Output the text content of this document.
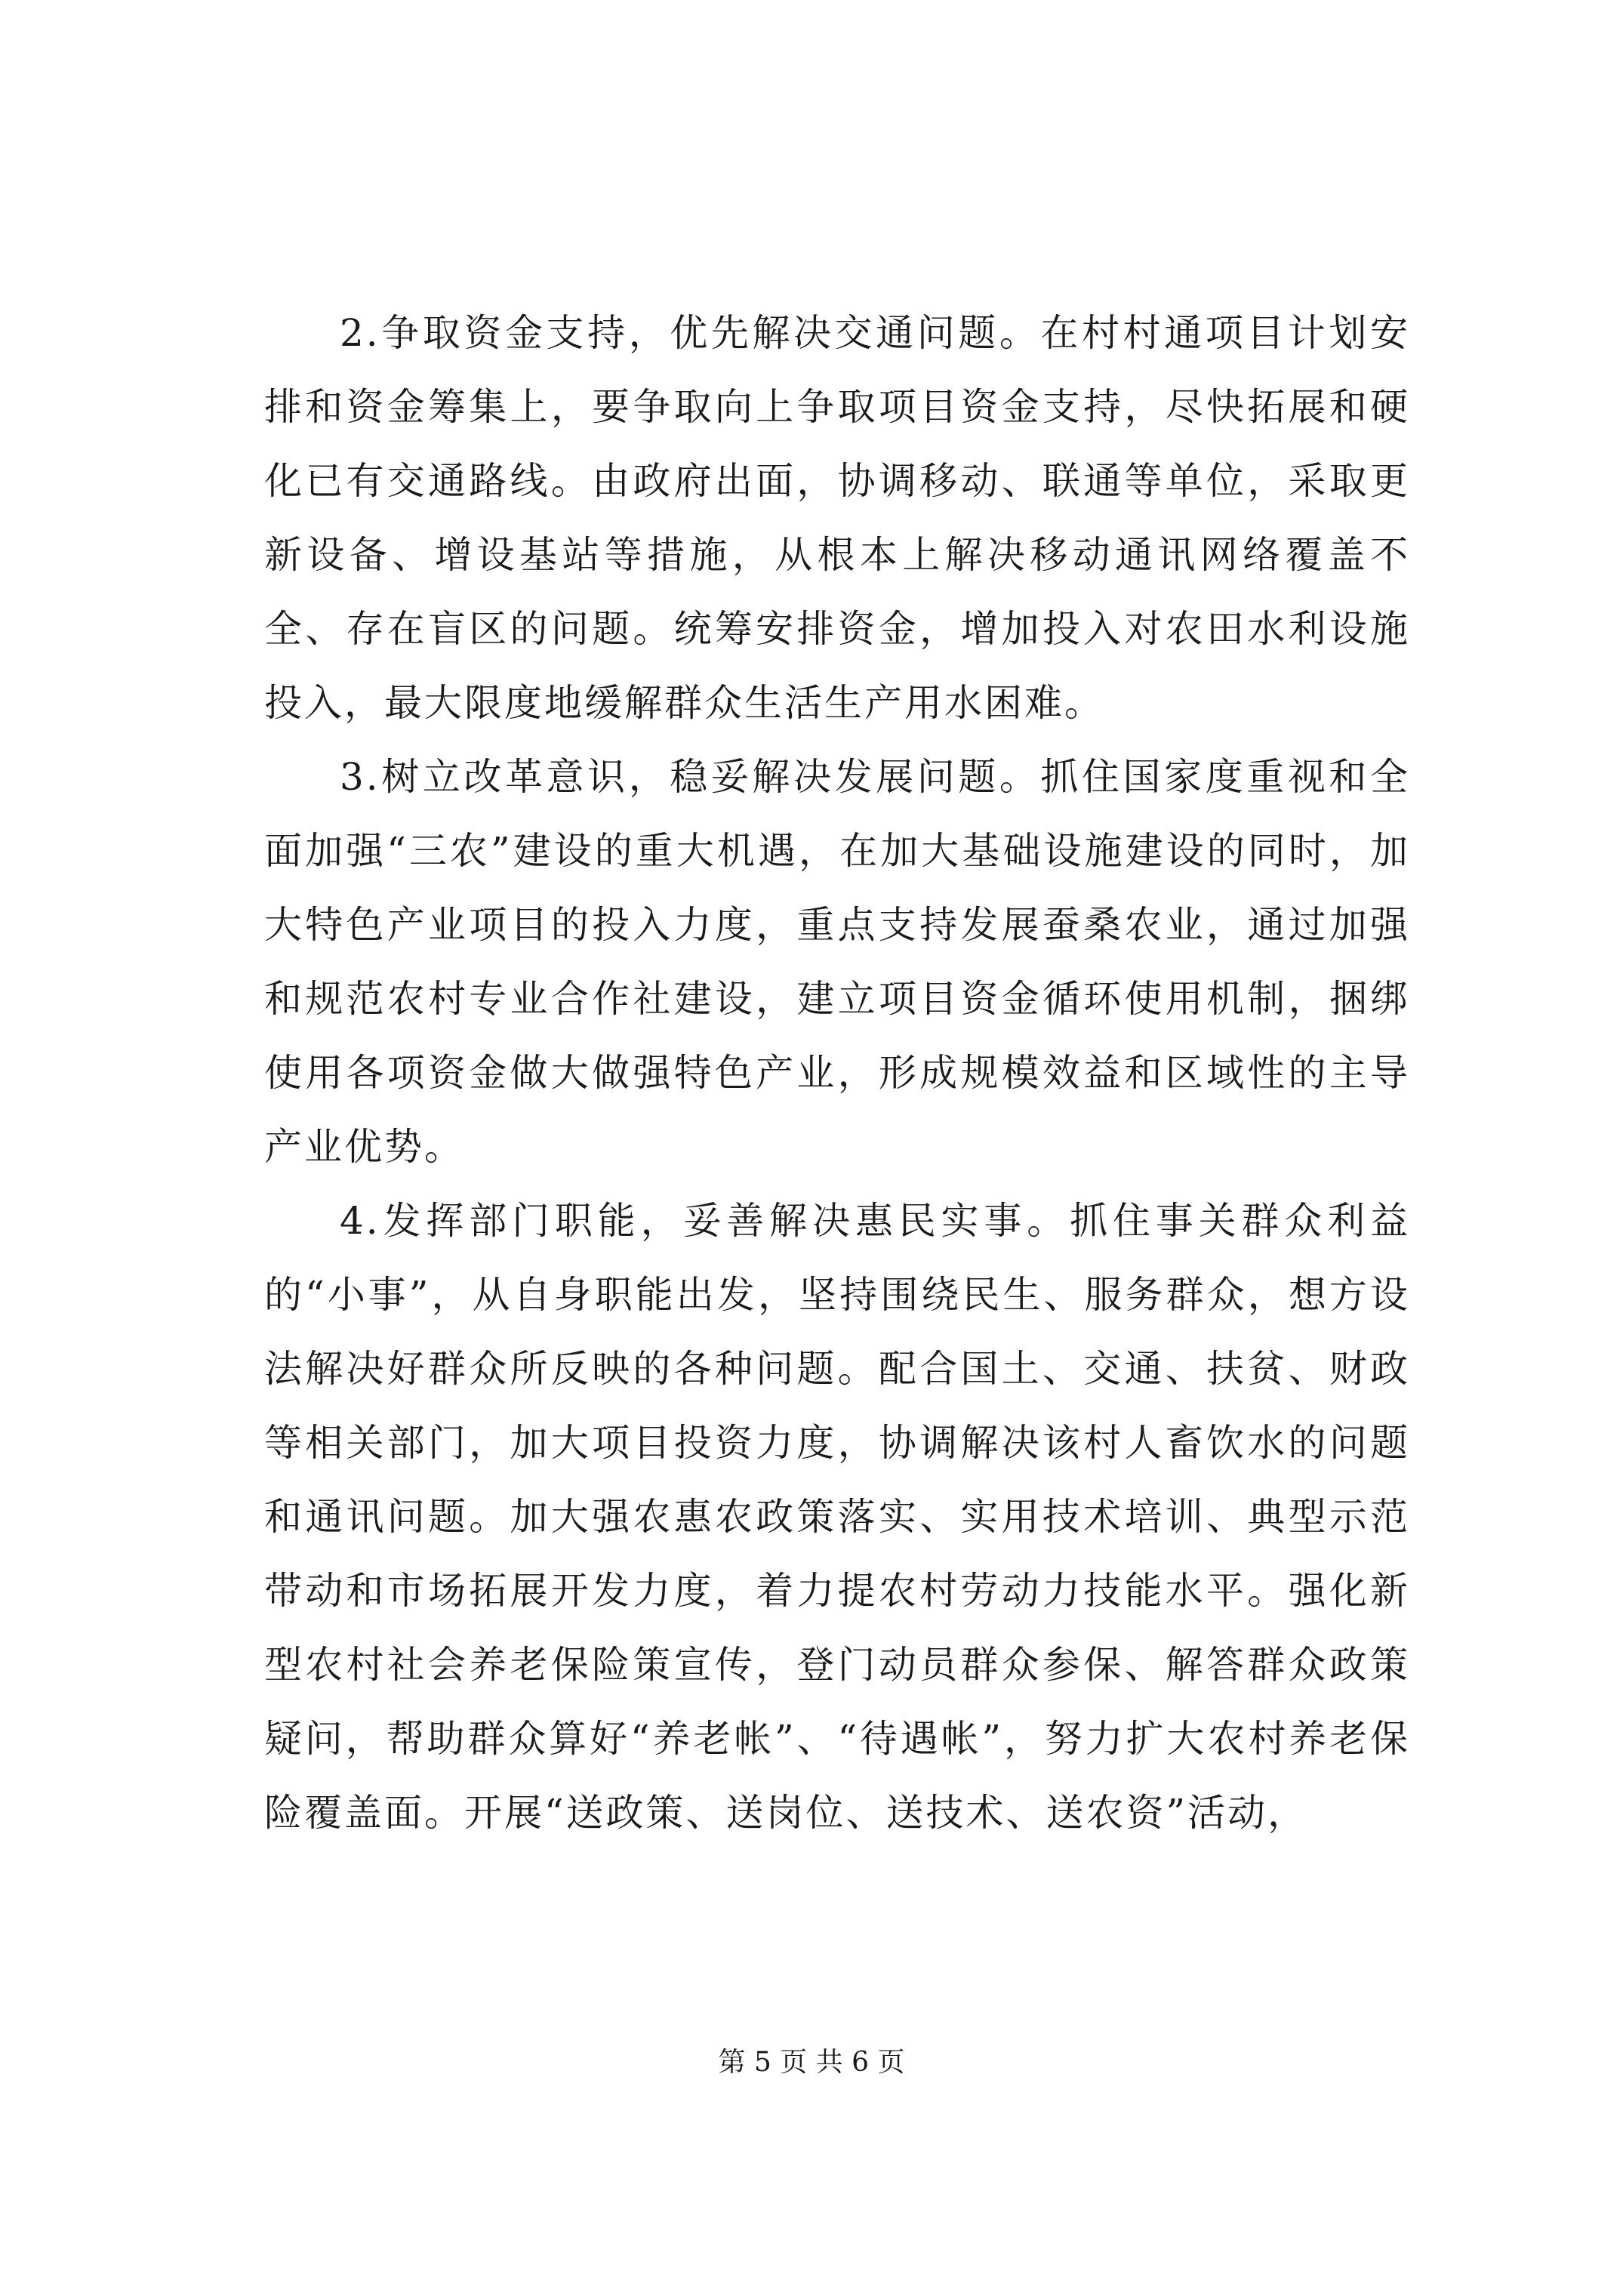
2.争取资金支持，优先解决交通问题。在村村通项目计划安排和资金筹集上，要争取向上争取项目资金支持，尽快拓展和硬化已有交通路线。由政府出面，协调移动、联通等单位，采取更新设备、增设基站等措施，从根本上解决移动通讯网络覆盖不全、存在盲区的问题。统筹安排资金，增加投入对农田水利设施投入，最大限度地缓解群众生活生产用水困难。

3.树立改革意识，稳妥解决发展问题。抓住国家度重视和全面加强“三农”建设的重大机遇，在加大基础设施建设的同时，加大特色产业项目的投入力度，重点支持发展蚕桑农业，通过加强和规范农村专业合作社建设，建立项目资金循环使用机制，捆绑使用各项资金做大做强特色产业，形成规模效益和区域性的主导产业优势。

4.发挥部门职能，妥善解决惠民实事。抓住事关群众利益的“小事”，从自身职能出发，坚持围绕民生、服务群众，想方设法解决好群众所反映的各种问题。配合国土、交通、扶贫、财政等相关部门，加大项目投资力度，协调解决该村人畜饮水的问题和通讯问题。加大强农惠农政策落实、实用技术培训、典型示范带动和市场拓展开发力度，着力提农村劳动力技能水平。强化新型农村社会养老保险策宣传，登门动员群众参保、解答群众政策疑问，帮助群众算好“养老帐”、“待遇帐”，努力扩大农村养老保险覆盖面。开展“送政策、送岗位、送技术、送农资”活动，

第 5 页 共 6 页
